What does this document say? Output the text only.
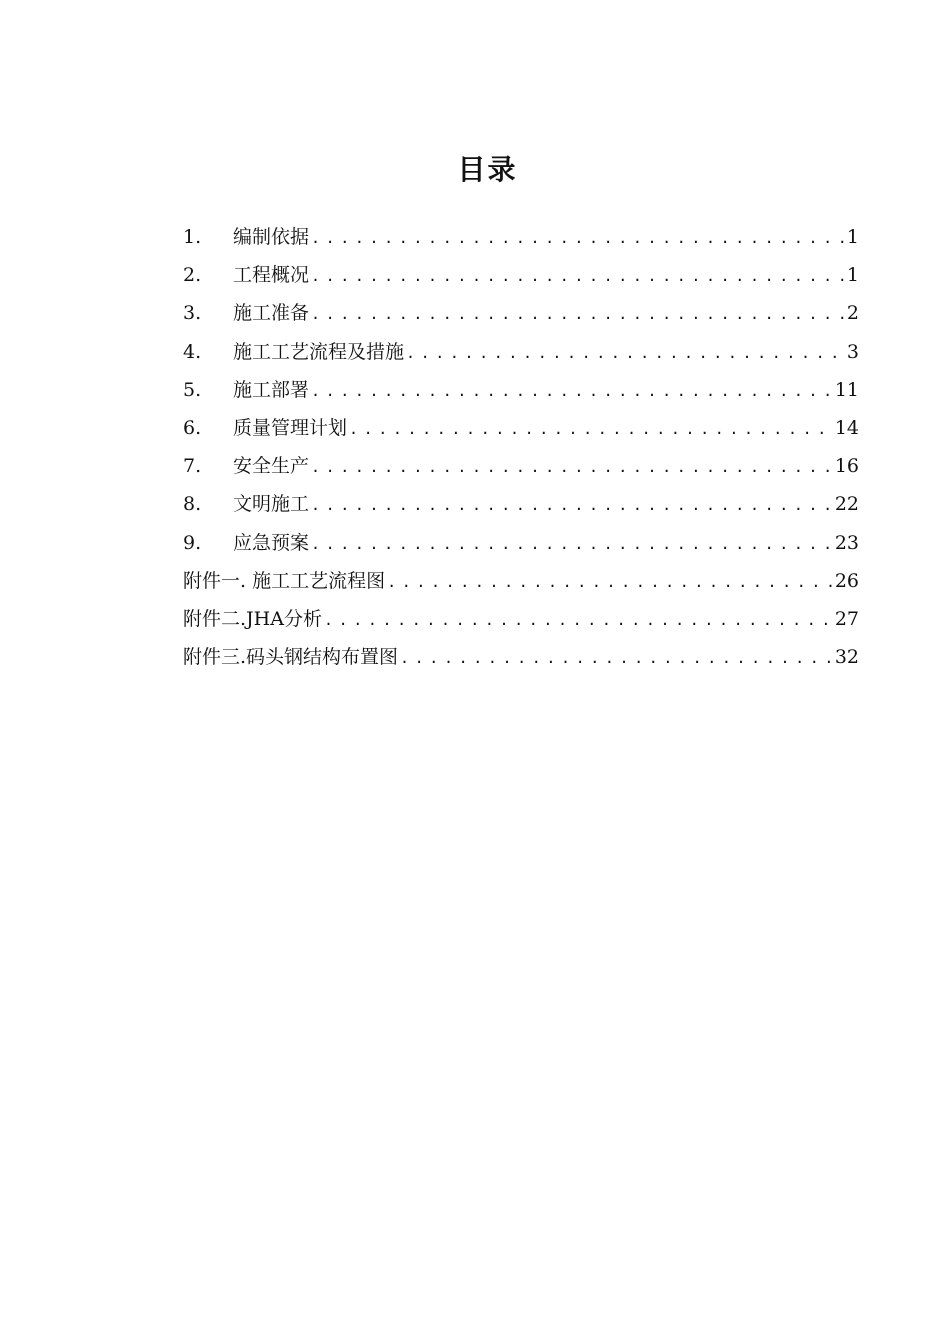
目录
1.	编制依据 .....	1
2.	工程概况 .....	1
3.	施工准备 .....	2
4.	施工工艺流程及措施 .....	3
5.	施工部署 .....	11
6.	质量管理计划 .....	14
7.	安全生产 .....	16
8.	文明施工 .....	22
9.	应急预案 .....	23
附件一. 施工工艺流程图 .....	26
附件二.JHA分析 .....	27
附件三.码头钢结构布置图 .....	32
